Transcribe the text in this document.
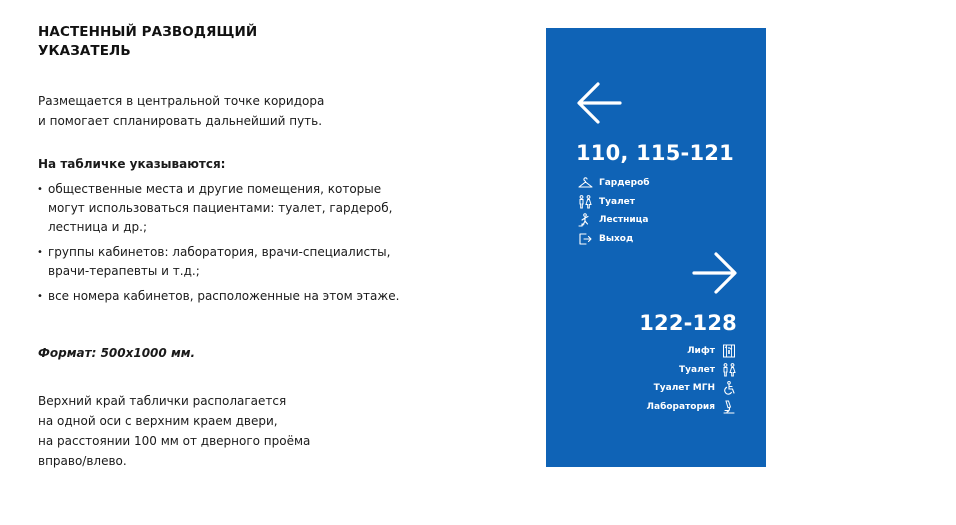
НАСТЕННЫЙ РАЗВОДЯЩИЙ
УКАЗАТЕЛЬ
Размещается в центральной точке коридора
и помогает спланировать дальнейший путь.
На табличке указываются:
• общественные места и другие помещения, которые
могут использоваться пациентами: туалет, гардероб,
лестница и др.;
• группы кабинетов: лаборатория, врачи-специалисты,
врачи-терапевты и т.д.;
• все номера кабинетов, расположенные на этом этаже.
Формат: 500х1000 мм.
Верхний край таблички располагается
на одной оси с верхним краем двери,
на расстоянии 100 мм от дверного проёма
вправо/влево.
110, 115-121
Гардероб
Туалет
Лестница
Выход
122-128
Лифт
Туалет
Туалет МГН
Лаборатория
